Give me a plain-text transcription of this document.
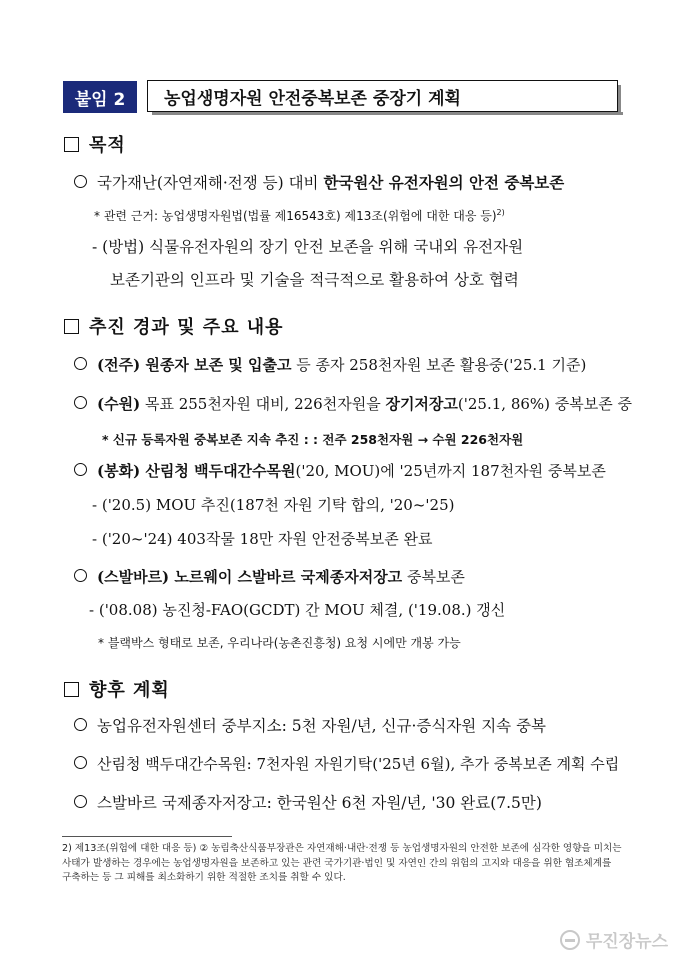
붙임 2	농업생명자원 안전중복보존 중장기 계획
목적
국가재난(자연재해·전쟁 등) 대비 한국원산 유전자원의 안전 중복보존
* 관련 근거: 농업생명자원법(법률 제16543호) 제13조(위험에 대한 대응 등)$^{2)}$
- (방법) 식물유전자원의 장기 안전 보존을 위해 국내외 유전자원
보존기관의 인프라 및 기술을 적극적으로 활용하여 상호 협력
추진 경과 및 주요 내용
(전주) 원종자 보존 및 입출고 등 종자 258천자원 보존 활용중('25.1 기준)
(수원) 목표 255천자원 대비, 226천자원을 장기저장고('25.1, 86%) 중복보존 중
* 신규 등록자원 중복보존 지속 추진 : : 전주 258천자원 → 수원 226천자원
(봉화) 산림청 백두대간수목원('20, MOU)에 '25년까지 187천자원 중복보존
- ('20.5) MOU 추진(187천 자원 기탁 합의, '20~'25)
- ('20~'24) 403작물 18만 자원 안전중복보존 완료
(스발바르) 노르웨이 스발바르 국제종자저장고 중복보존
- ('08.08) 농진청-FAO(GCDT) 간 MOU 체결, ('19.08.) 갱신
* 블랙박스 형태로 보존, 우리나라(농촌진흥청) 요청 시에만 개봉 가능
향후 계획
농업유전자원센터 중부지소: 5천 자원/년, 신규·증식자원 지속 중복
산림청 백두대간수목원: 7천자원 자원기탁('25년 6월), 추가 중복보존 계획 수립
스발바르 국제종자저장고: 한국원산 6천 자원/년, '30 완료(7.5만)
2) 제13조(위험에 대한 대응 등) ② 농림축산식품부장관은 자연재해·내란·전쟁 등 농업생명자원의 안전한 보존에 심각한 영향을 미치는 사태가 발생하는 경우에는 농업생명자원을 보존하고 있는 관련 국가기관·법인 및 자연인 간의 위험의 고지와 대응을 위한 협조체계를 구축하는 등 그 피해를 최소화하기 위한 적절한 조치를 취할 수 있다.
무진장뉴스
